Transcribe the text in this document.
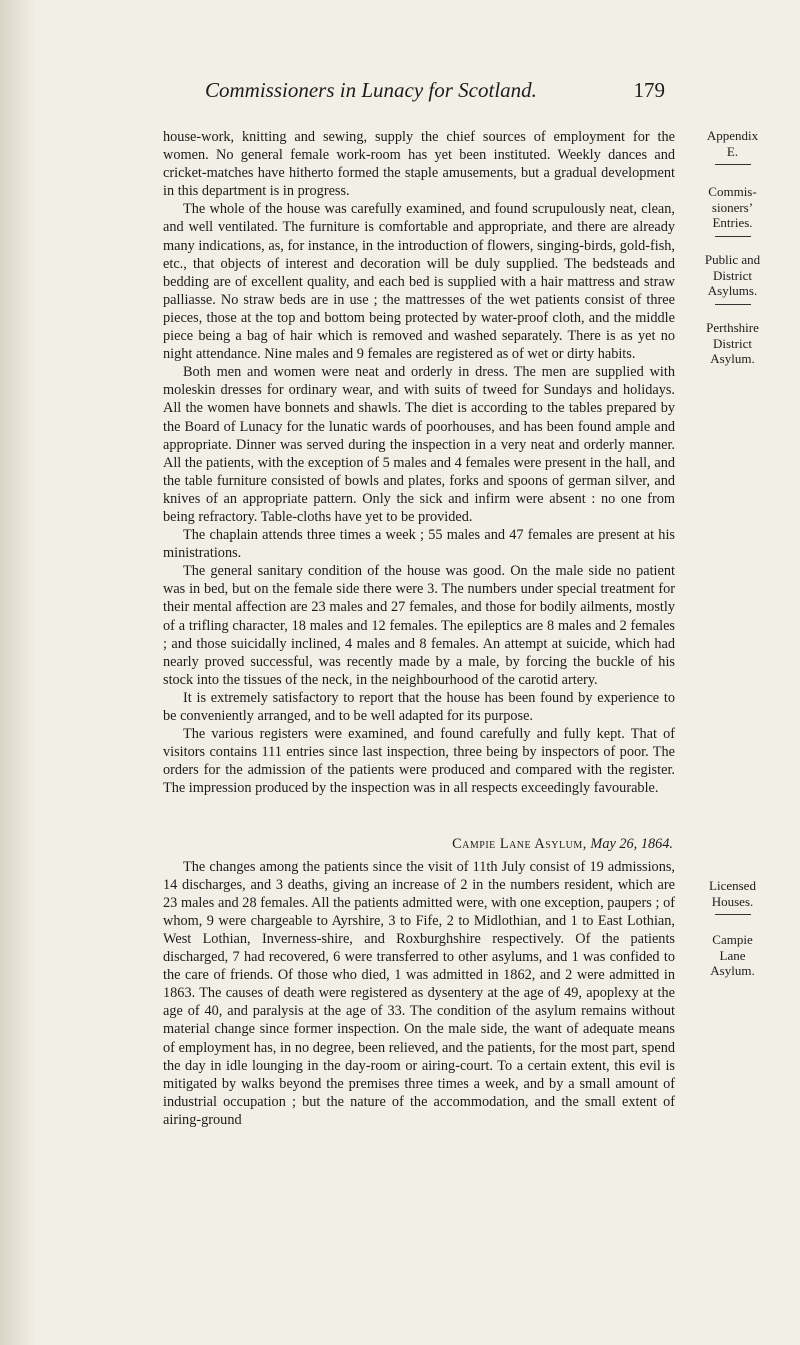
Commissioners in Lunacy for Scotland.	179

house-work, knitting and sewing, supply the chief sources of employment for the women. No general female work-room has yet been instituted. Weekly dances and cricket-matches have hitherto formed the staple amusements, but a gradual development in this department is in progress.

The whole of the house was carefully examined, and found scrupulously neat, clean, and well ventilated. The furniture is comfortable and appropriate, and there are already many indications, as, for instance, in the introduction of flowers, singing-birds, gold-fish, etc., that objects of interest and decoration will be duly supplied. The bedsteads and bedding are of excellent quality, and each bed is supplied with a hair mattress and straw palliasse. No straw beds are in use ; the mattresses of the wet patients consist of three pieces, those at the top and bottom being protected by water-proof cloth, and the middle piece being a bag of hair which is removed and washed separately. There is as yet no night attendance. Nine males and 9 females are registered as of wet or dirty habits.

Both men and women were neat and orderly in dress. The men are supplied with moleskin dresses for ordinary wear, and with suits of tweed for Sundays and holidays. All the women have bonnets and shawls. The diet is according to the tables prepared by the Board of Lunacy for the lunatic wards of poorhouses, and has been found ample and appropriate. Dinner was served during the inspection in a very neat and orderly manner. All the patients, with the exception of 5 males and 4 females were present in the hall, and the table furniture consisted of bowls and plates, forks and spoons of german silver, and knives of an appropriate pattern. Only the sick and infirm were absent : no one from being refractory. Table-cloths have yet to be provided.

The chaplain attends three times a week ; 55 males and 47 females are present at his ministrations.

The general sanitary condition of the house was good. On the male side no patient was in bed, but on the female side there were 3. The numbers under special treatment for their mental affection are 23 males and 27 females, and those for bodily ailments, mostly of a trifling character, 18 males and 12 females. The epileptics are 8 males and 2 females ; and those suicidally inclined, 4 males and 8 females. An attempt at suicide, which had nearly proved successful, was recently made by a male, by forcing the buckle of his stock into the tissues of the neck, in the neighbourhood of the carotid artery.

It is extremely satisfactory to report that the house has been found by experience to be conveniently arranged, and to be well adapted for its purpose.

The various registers were examined, and found carefully and fully kept. That of visitors contains 111 entries since last inspection, three being by inspectors of poor. The orders for the admission of the patients were produced and compared with the register. The impression produced by the inspection was in all respects exceedingly favourable.

Campie Lane Asylum, May 26, 1864.

The changes among the patients since the visit of 11th July consist of 19 admissions, 14 discharges, and 3 deaths, giving an increase of 2 in the numbers resident, which are 23 males and 28 females. All the patients admitted were, with one exception, paupers ; of whom, 9 were chargeable to Ayrshire, 3 to Fife, 2 to Midlothian, and 1 to East Lothian, West Lothian, Inverness-shire, and Roxburghshire respectively. Of the patients discharged, 7 had recovered, 6 were transferred to other asylums, and 1 was confided to the care of friends. Of those who died, 1 was admitted in 1862, and 2 were admitted in 1863. The causes of death were registered as dysentery at the age of 49, apoplexy at the age of 40, and paralysis at the age of 33. The condition of the asylum remains without material change since former inspection. On the male side, the want of adequate means of employment has, in no degree, been relieved, and the patients, for the most part, spend the day in idle lounging in the day-room or airing-court. To a certain extent, this evil is mitigated by walks beyond the premises three times a week, and by a small amount of industrial occupation ; but the nature of the accommodation, and the small extent of airing-ground

Appendix
E.
Commis-
sioners’
Entries.
Public and
District
Asylums.
Perthshire
District
Asylum.
Licensed
Houses.
Campie
Lane
Asylum.
